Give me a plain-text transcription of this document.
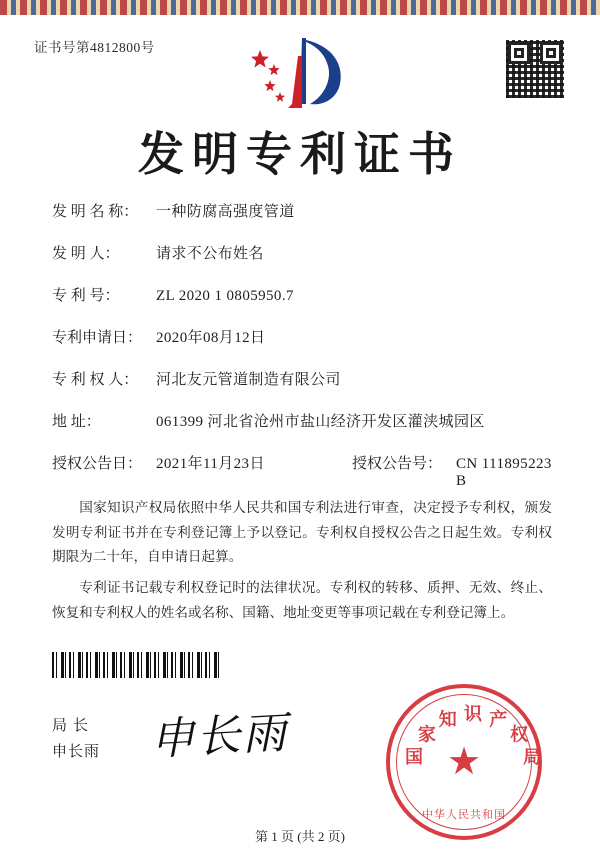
证书号第4812800号
发明专利证书
发 明 名 称：	一种防腐高强度管道
发 明 人：	请求不公布姓名
专 利 号：	ZL 2020 1 0805950.7
专利申请日： 2020年08月12日
专 利 权 人：	河北友元管道制造有限公司
地 址：	061399 河北省沧州市盐山经济开发区灌浃城园区
授权公告日： 2021年11月23日	授权公告号： CN 111895223 B

国家知识产权局依照中华人民共和国专利法进行审查，决定授予专利权，颁发发明专利证书并在专利登记簿上予以登记。专利权自授权公告之日起生效。专利权期限为二十年，自申请日起算。

专利证书记载专利权登记时的法律状况。专利权的转移、质押、无效、终止、恢复和专利权人的姓名或名称、国籍、地址变更等事项记载在专利登记簿上。

局长
申长雨 申长雨	国
家
知 识 产
权
局
★
中华人民共和国
第 1 页 (共 2 页)
